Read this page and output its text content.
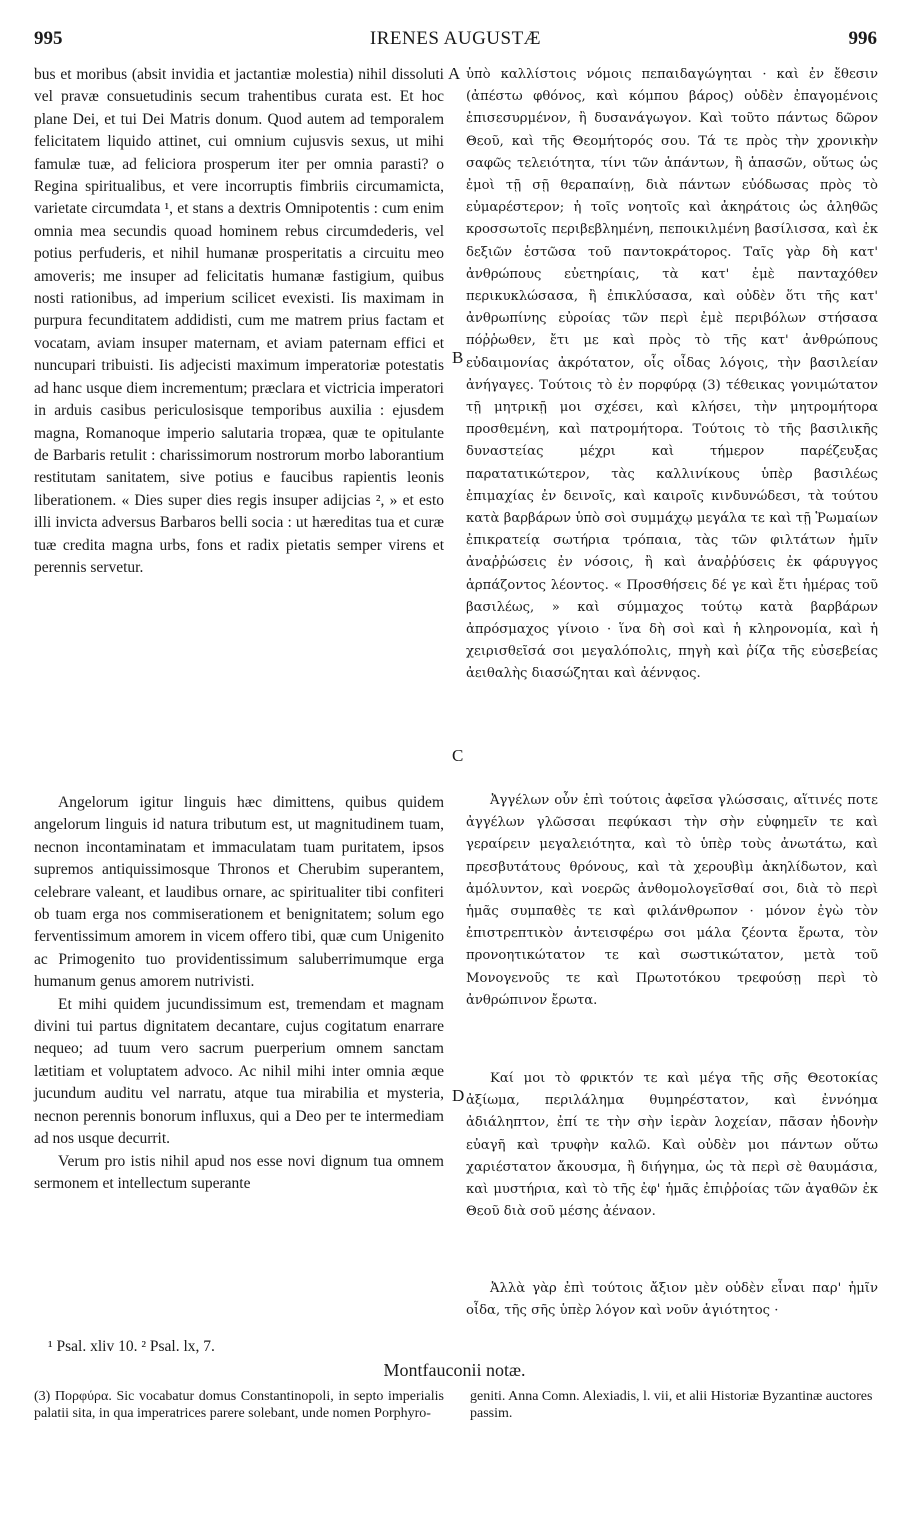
995	IRENES AUGUSTÆ	996
A
B
C
D

bus et moribus (absit invidia et jactantiæ molestia) nihil dissoluti vel pravæ consuetudinis secum trahentibus curata est. Et hoc plane Dei, et tui Dei Matris donum. Quod autem ad temporalem felicitatem liquido attinet, cui omnium cujusvis sexus, ut mihi famulæ tuæ, ad feliciora prosperum iter per omnia parasti? o Regina spiritualibus, et vere incorruptis fimbriis circumamicta, varietate circumdata ¹, et stans a dextris Omnipotentis : cum enim omnia mea secundis quoad hominem rebus circumdederis, vel potius perfuderis, et nihil humanæ prosperitatis a circuitu meo amoveris; me insuper ad felicitatis humanæ fastigium, quibus nosti rationibus, ad imperium scilicet evexisti. Iis maximam in purpura fecunditatem addidisti, cum me matrem prius factam et vocatam, aviam insuper maternam, et aviam paternam effici et nuncupari tribuisti. Iis adjecisti maximum imperatoriæ potestatis ad hanc usque diem incrementum; præclara et victricia imperatori in arduis casibus periculosisque temporibus auxilia : ejusdem magna, Romanoque imperio salutaria tropæa, quæ te opitulante de Barbaris retulit : charissimorum nostrorum morbo laborantium restitutam sanitatem, sive potius e faucibus rapientis leonis liberationem. « Dies super dies regis insuper adijcias ², » et esto illi invicta adversus Barbaros belli socia : ut hæreditas tua et curæ tuæ credita magna urbs, fons et radix pietatis semper virens et perennis servetur.

Angelorum igitur linguis hæc dimittens, quibus quidem angelorum linguis id natura tributum est, ut magnitudinem tuam, necnon incontaminatam et immaculatam tuam puritatem, ipsos supremos antiquissimosque Thronos et Cherubim superantem, celebrare valeant, et laudibus ornare, ac spiritualiter tibi confiteri ob tuam erga nos commiserationem et benignitatem; solum ego ferventissimum amorem in vicem offero tibi, quæ cum Unigenito ac Primogenito tuo providentissimum saluberrimumque erga humanum genus amorem nutrivisti.

Et mihi quidem jucundissimum est, tremendam et magnam divini tui partus dignitatem decantare, cujus cogitatum enarrare nequeo; ad tuum vero sacrum puerperium omnem sanctam lætitiam et voluptatem advoco. Ac nihil mihi inter omnia æque jucundum auditu vel narratu, atque tua mirabilia et mysteria, necnon perennis bonorum influxus, qui a Deo per te intermediam ad nos usque decurrit.

Verum pro istis nihil apud nos esse novi dignum tua omnem sermonem et intellectum superante

ὑπὸ καλλίστοις νόμοις πεπαιδαγώγηται · καὶ ἐν ἔθεσιν (ἀπέστω φθόνος, καὶ κόμπου βάρος) οὐδὲν ἐπαγομένοις ἐπισεσυρμένον, ἢ δυσανάγωγον. Καὶ τοῦτο πάντως δῶρον Θεοῦ, καὶ τῆς Θεομήτορός σου. Τά τε πρὸς τὴν χρονικὴν σαφῶς τελειότητα, τίνι τῶν ἁπάντων, ἢ ἁπασῶν, οὕτως ὡς ἐμοὶ τῇ σῇ θεραπαίνῃ, διὰ πάντων εὐόδωσας πρὸς τὸ εὐμαρέστερον; ἡ τοῖς νοητοῖς καὶ ἀκηράτοις ὡς ἀληθῶς κροσσωτοῖς περιβεβλημένη, πεποικιλμένη βασίλισσα, καὶ ἐκ δεξιῶν ἑστῶσα τοῦ παντοκράτορος. Ταῖς γὰρ δὴ κατ' ἀνθρώπους εὐετηρίαις, τὰ κατ' ἐμὲ πανταχόθεν περικυκλώσασα, ἢ ἐπικλύσασα, καὶ οὐδὲν ὅτι τῆς κατ' ἀνθρωπίνης εὐροίας τῶν περὶ ἐμὲ περιβόλων στήσασα πόῤῥωθεν, ἔτι με καὶ πρὸς τὸ τῆς κατ' ἀνθρώπους εὐδαιμονίας ἀκρότατον, οἷς οἶδας λόγοις, τὴν βασιλείαν ἀνήγαγες. Τούτοις τὸ ἐν πορφύρᾳ (3) τέθεικας γονιμώτατον τῇ μητρικῇ μοι σχέσει, καὶ κλήσει, τὴν μητρομήτορα προσθεμένη, καὶ πατρομήτορα. Τούτοις τὸ τῆς βασιλικῆς δυναστείας μέχρι καὶ τήμερον παρέζευξας παρατατικώτερον, τὰς καλλινίκους ὑπὲρ βασιλέως ἐπιμαχίας ἐν δεινοῖς, καὶ καιροῖς κινδυνώδεσι, τὰ τούτου κατὰ βαρβάρων ὑπὸ σοὶ συμμάχῳ μεγάλα τε καὶ τῇ Ῥωμαίων ἐπικρατείᾳ σωτήρια τρόπαια, τὰς τῶν φιλτάτων ἡμῖν ἀναῤῥώσεις ἐν νόσοις, ἢ καὶ ἀναῤῥύσεις ἐκ φάρυγγος ἁρπάζοντος λέοντος. « Προσθήσεις δέ γε καὶ ἔτι ἡμέρας τοῦ βασιλέως, » καὶ σύμμαχος τούτῳ κατὰ βαρβάρων ἀπρόσμαχος γίνοιο · ἵνα δὴ σοὶ καὶ ἡ κληρονομία, καὶ ἡ χειρισθεῖσά σοι μεγαλόπολις, πηγὴ καὶ ῥίζα τῆς εὐσεβείας ἀειθαλὴς διασώζηται καὶ ἀέννᾳος.

Ἀγγέλων οὖν ἐπὶ τούτοις ἀφεῖσα γλώσσαις, αἵτινές ποτε ἀγγέλων γλῶσσαι πεφύκασι τὴν σὴν εὐφημεῖν τε καὶ γεραίρειν μεγαλειότητα, καὶ τὸ ὑπὲρ τοὺς ἀνωτάτω, καὶ πρεσβυτάτους θρόνους, καὶ τὰ χερουβὶμ ἀκηλίδωτον, καὶ ἀμόλυντον, καὶ νοερῶς ἀνθομολογεῖσθαί σοι, διὰ τὸ περὶ ἡμᾶς συμπαθὲς τε καὶ φιλάνθρωπον · μόνον ἐγὼ τὸν ἐπιστρεπτικὸν ἀντεισφέρω σοι μάλα ζέοντα ἔρωτα, τὸν προνοητικώτατον τε καὶ σωστικώτατον, μετὰ τοῦ Μονογενοῦς τε καὶ Πρωτοτόκου τρεφούσῃ περὶ τὸ ἀνθρώπινον ἔρωτα.

Καί μοι τὸ φρικτόν τε καὶ μέγα τῆς σῆς Θεοτοκίας ἀξίωμα, περιλάλημα θυμηρέστατον, καὶ ἐννόημα ἀδιάληπτον, ἐπί τε τὴν σὴν ἱερὰν λοχείαν, πᾶσαν ἡδονὴν εὐαγῆ καὶ τρυφὴν καλῶ. Καὶ οὐδὲν μοι πάντων οὕτω χαριέστατον ἄκουσμα, ἢ διήγημα, ὡς τὰ περὶ σὲ θαυμάσια, καὶ μυστήρια, καὶ τὸ τῆς ἐφ' ἡμᾶς ἐπιῤῥοίας τῶν ἀγαθῶν ἐκ Θεοῦ διὰ σοῦ μέσης ἀέναον.

Ἀλλὰ γὰρ ἐπὶ τούτοις ἄξιον μὲν οὐδὲν εἶναι παρ' ἡμῖν οἶδα, τῆς σῆς ὑπὲρ λόγον καὶ νοῦν ἁγιότητος ·

¹ Psal. xliv 10. ² Psal. lx, 7.
Montfauconii notæ.
(3) Πορφύρα. Sic vocabatur domus Constantinopoli, in septo imperialis palatii sita, in qua imperatrices parere solebant, unde nomen Porphyro-
geniti. Anna Comn. Alexiadis, l. vii, et alii Historiæ Byzantinæ auctores passim.
